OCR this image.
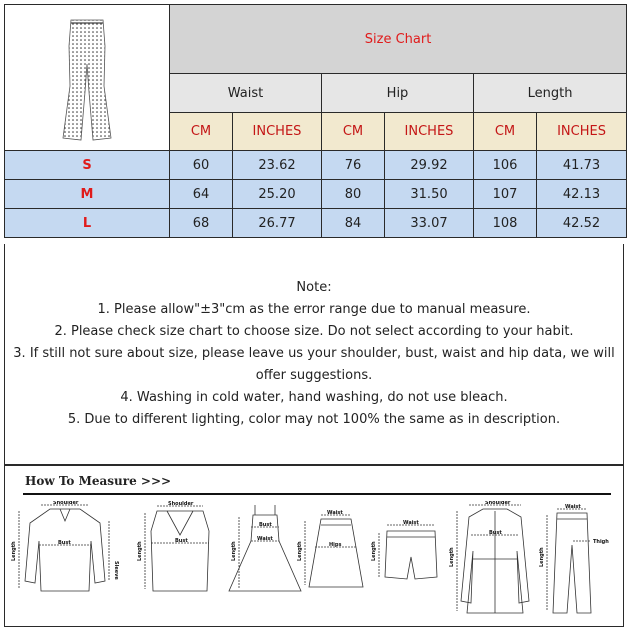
	Size Chart					
	Waist		Hip		Length	
	CM	INCHES	CM	INCHES	CM	INCHES
S	60	23.62	76	29.92	106	41.73
M	64	25.20	80	31.50	107	42.13
L	68	26.77	84	33.07	108	42.52

Note:

1. Please allow"±3"cm as the error range due to manual measure.

2. Please check size chart to choose size. Do not select according to your habit.

3. If still not sure about size, please leave us your shoulder, bust, waist and hip data, we will offer suggestions.

4. Washing in cold water, hand washing, do not use bleach.

5. Due to different lighting, color may not 100% the same as in description.

How To Measure >>>
Shoulder
Bust
Length
Sleeve
Shoulder
Bust
Length
Bust
Waist
Length
Waist
Hips
Length
Waist
Length
Shoulder
Bust
Length
Waist
Thigh
Length
